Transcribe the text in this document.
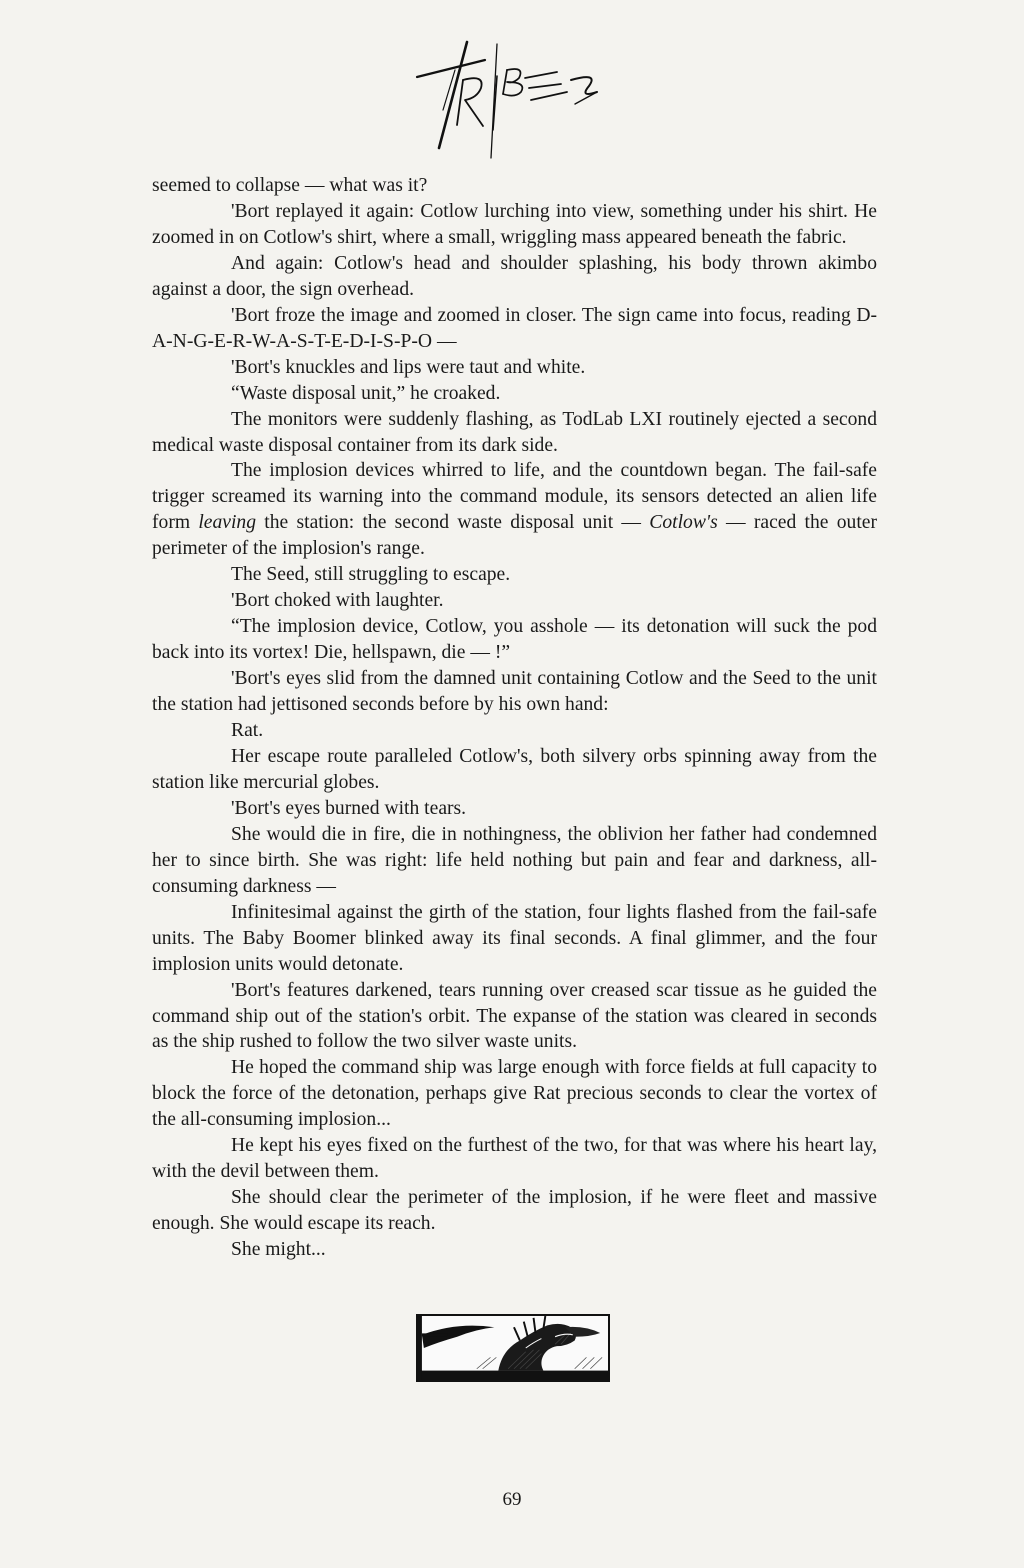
seemed to collapse — what was it?

'Bort replayed it again: Cotlow lurching into view, something under his shirt. He zoomed in on Cotlow's shirt, where a small, wriggling mass appeared beneath the fabric.

And again: Cotlow's head and shoulder splashing, his body thrown akimbo against a door, the sign overhead.

'Bort froze the image and zoomed in closer. The sign came into focus, reading D-A-N-G-E-R-W-A-S-T-E-D-I-S-P-O —

'Bort's knuckles and lips were taut and white.

“Waste disposal unit,” he croaked.

The monitors were suddenly flashing, as TodLab LXI routinely ejected a second medical waste disposal container from its dark side.

The implosion devices whirred to life, and the countdown began. The fail-safe trigger screamed its warning into the command module, its sensors detected an alien life form leaving the station: the second waste disposal unit — Cotlow's — raced the outer perimeter of the implosion's range.

The Seed, still struggling to escape.

'Bort choked with laughter.

“The implosion device, Cotlow, you asshole — its detonation will suck the pod back into its vortex! Die, hellspawn, die — !”

'Bort's eyes slid from the damned unit containing Cotlow and the Seed to the unit the station had jettisoned seconds before by his own hand:

Rat.

Her escape route paralleled Cotlow's, both silvery orbs spinning away from the station like mercurial globes.

'Bort's eyes burned with tears.

She would die in fire, die in nothingness, the oblivion her father had condemned her to since birth. She was right: life held nothing but pain and fear and darkness, all-consuming darkness —

Infinitesimal against the girth of the station, four lights flashed from the fail-safe units. The Baby Boomer blinked away its final seconds. A final glimmer, and the four implosion units would detonate.

'Bort's features darkened, tears running over creased scar tissue as he guided the command ship out of the station's orbit. The expanse of the station was cleared in seconds as the ship rushed to follow the two silver waste units.

He hoped the command ship was large enough with force fields at full capacity to block the force of the detonation, perhaps give Rat precious seconds to clear the vortex of the all-consuming implosion...

He kept his eyes fixed on the furthest of the two, for that was where his heart lay, with the devil between them.

She should clear the perimeter of the implosion, if he were fleet and massive enough. She would escape its reach.

She might...

69
